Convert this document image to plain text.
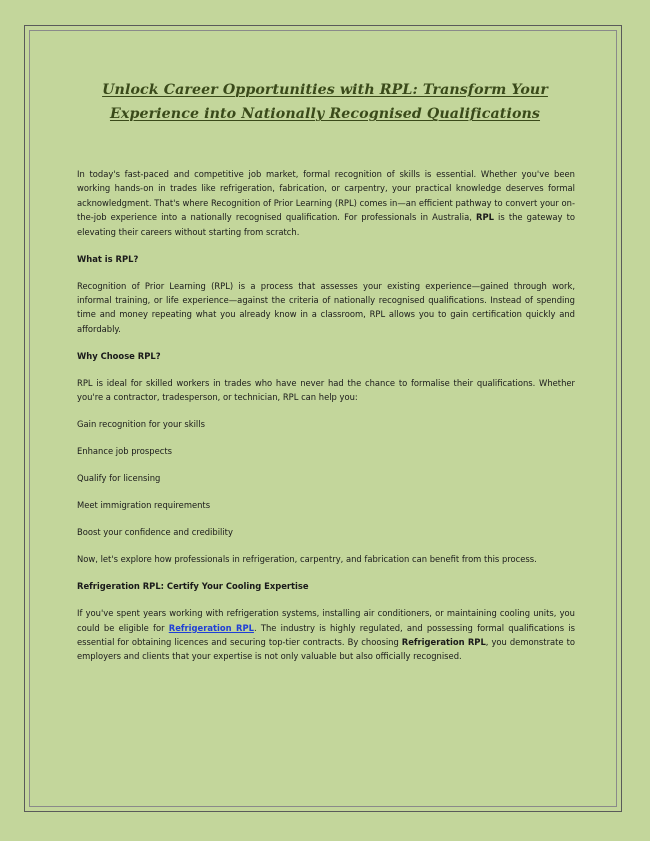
Unlock Career Opportunities with RPL: Transform Your Experience into Nationally Recognised Qualifications

In today's fast-paced and competitive job market, formal recognition of skills is essential. Whether you've been working hands-on in trades like refrigeration, fabrication, or carpentry, your practical knowledge deserves formal acknowledgment. That's where Recognition of Prior Learning (RPL) comes in—an efficient pathway to convert your on-the-job experience into a nationally recognised qualification. For professionals in Australia, RPL is the gateway to elevating their careers without starting from scratch.

What is RPL?

Recognition of Prior Learning (RPL) is a process that assesses your existing experience—gained through work, informal training, or life experience—against the criteria of nationally recognised qualifications. Instead of spending time and money repeating what you already know in a classroom, RPL allows you to gain certification quickly and affordably.

Why Choose RPL?

RPL is ideal for skilled workers in trades who have never had the chance to formalise their qualifications. Whether you're a contractor, tradesperson, or technician, RPL can help you:

Gain recognition for your skills

Enhance job prospects

Qualify for licensing

Meet immigration requirements

Boost your confidence and credibility

Now, let's explore how professionals in refrigeration, carpentry, and fabrication can benefit from this process.

Refrigeration RPL: Certify Your Cooling Expertise

If you've spent years working with refrigeration systems, installing air conditioners, or maintaining cooling units, you could be eligible for Refrigeration RPL. The industry is highly regulated, and possessing formal qualifications is essential for obtaining licences and securing top-tier contracts. By choosing Refrigeration RPL, you demonstrate to employers and clients that your expertise is not only valuable but also officially recognised.
